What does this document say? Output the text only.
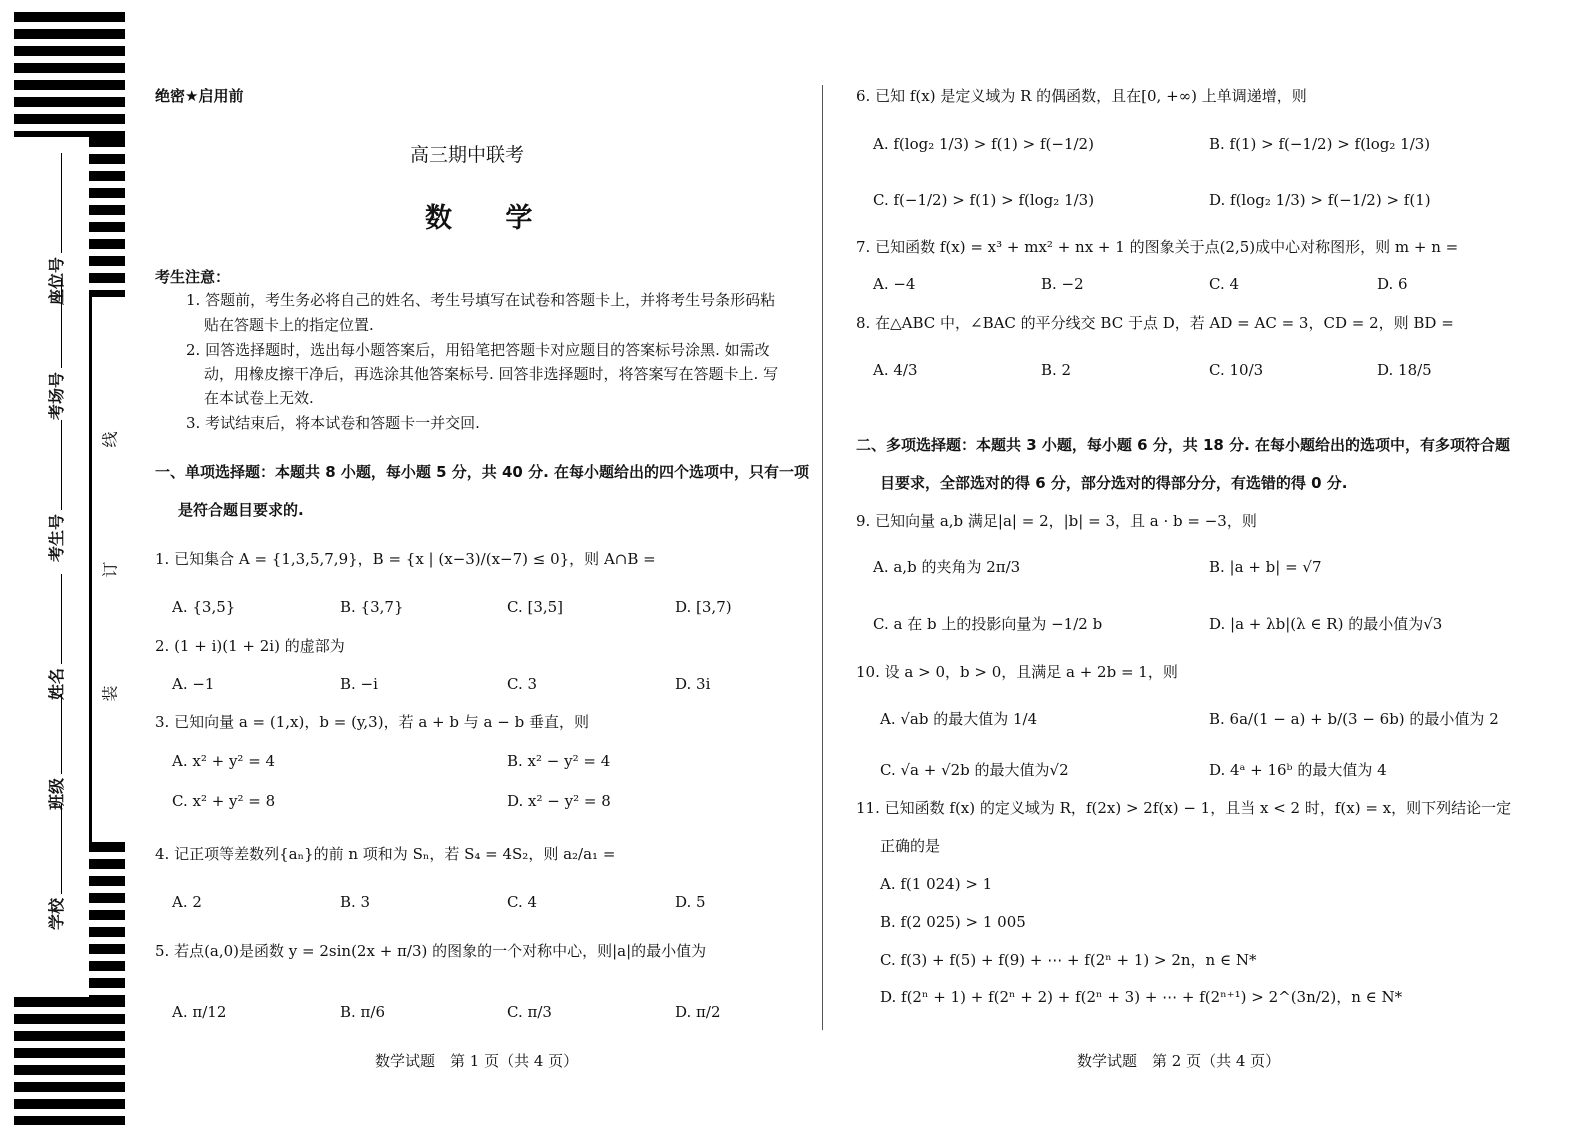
座位号
考场号
考生号
姓名
班级
学校
线
订
装
绝密★启用前
高三期中联考
数 学
考生注意：
1. 答题前，考生务必将自己的姓名、考生号填写在试卷和答题卡上，并将考生号条形码粘
贴在答题卡上的指定位置.
2. 回答选择题时，选出每小题答案后，用铅笔把答题卡对应题目的答案标号涂黑. 如需改
动，用橡皮擦干净后，再选涂其他答案标号. 回答非选择题时，将答案写在答题卡上. 写
在本试卷上无效.
3. 考试结束后，将本试卷和答题卡一并交回.
一、单项选择题：本题共 8 小题，每小题 5 分，共 40 分. 在每小题给出的四个选项中，只有一项
是符合题目要求的.
1. 已知集合 A = {1,3,5,7,9}，B = {x | (x−3)/(x−7) ≤ 0}，则 A∩B =
A. {3,5}	B. {3,7}	C. [3,5]	D. [3,7)
2. (1 + i)(1 + 2i) 的虚部为
A. −1	B. −i	C. 3	D. 3i
3. 已知向量 a = (1,x)，b = (y,3)，若 a + b 与 a − b 垂直，则
A. x² + y² = 4	B. x² − y² = 4
C. x² + y² = 8	D. x² − y² = 8
4. 记正项等差数列{aₙ}的前 n 项和为 Sₙ，若 S₄ = 4S₂，则 a₂/a₁ =
A. 2	B. 3	C. 4	D. 5
5. 若点(a,0)是函数 y = 2sin(2x + π/3) 的图象的一个对称中心，则|a|的最小值为
A. π/12	B. π/6	C. π/3	D. π/2
数学试题　第 1 页（共 4 页）
6. 已知 f(x) 是定义域为 R 的偶函数，且在[0, +∞) 上单调递增，则
A. f(log₂ 1/3) > f(1) > f(−1/2)	B. f(1) > f(−1/2) > f(log₂ 1/3)
C. f(−1/2) > f(1) > f(log₂ 1/3)	D. f(log₂ 1/3) > f(−1/2) > f(1)
7. 已知函数 f(x) = x³ + mx² + nx + 1 的图象关于点(2,5)成中心对称图形，则 m + n =
A. −4	B. −2	C. 4	D. 6
8. 在△ABC 中，∠BAC 的平分线交 BC 于点 D，若 AD = AC = 3，CD = 2，则 BD =
A. 4/3	B. 2	C. 10/3	D. 18/5
二、多项选择题：本题共 3 小题，每小题 6 分，共 18 分. 在每小题给出的选项中，有多项符合题
目要求，全部选对的得 6 分，部分选对的得部分分，有选错的得 0 分.
9. 已知向量 a,b 满足|a| = 2，|b| = 3，且 a · b = −3，则
A. a,b 的夹角为 2π/3	B. |a + b| = √7
C. a 在 b 上的投影向量为 −1/2 b	D. |a + λb|(λ ∈ R) 的最小值为√3
10. 设 a > 0，b > 0，且满足 a + 2b = 1，则
A. √ab 的最大值为 1/4	B. 6a/(1 − a) + b/(3 − 6b) 的最小值为 2
C. √a + √2b 的最大值为√2	D. 4ᵃ + 16ᵇ 的最大值为 4
11. 已知函数 f(x) 的定义域为 R，f(2x) > 2f(x) − 1，且当 x < 2 时，f(x) = x，则下列结论一定
正确的是
A. f(1 024) > 1
B. f(2 025) > 1 005
C. f(3) + f(5) + f(9) + ⋯ + f(2ⁿ + 1) > 2n，n ∈ N*
D. f(2ⁿ + 1) + f(2ⁿ + 2) + f(2ⁿ + 3) + ⋯ + f(2ⁿ⁺¹) > 2^(3n/2)，n ∈ N*
数学试题　第 2 页（共 4 页）
